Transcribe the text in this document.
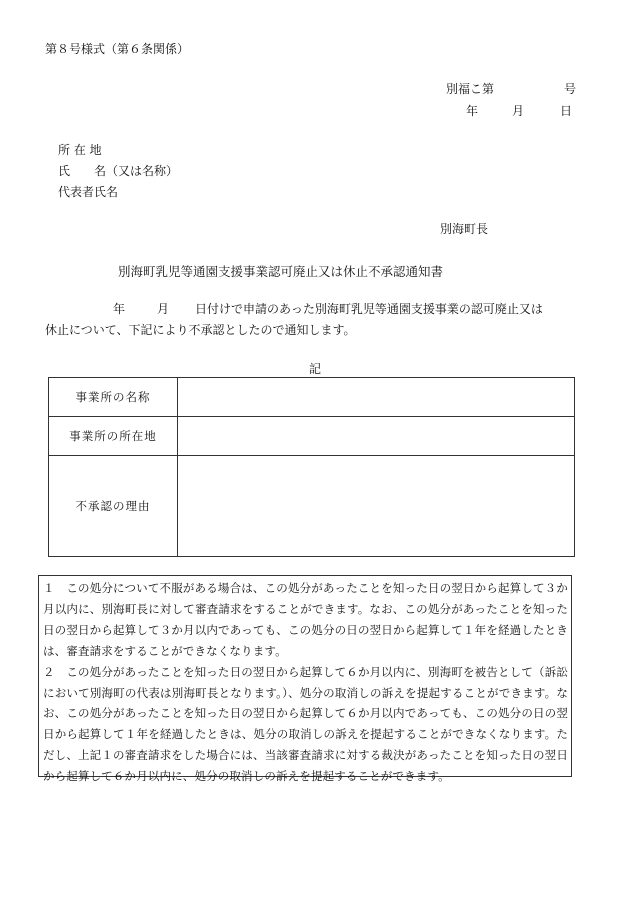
第８号様式（第６条関係）
別福こ第	号
年	月	日
所 在 地
氏 名（又は名称）
代表者氏名
別海町長
別海町乳児等通園支援事業認可廃止又は休止不承認通知書
年	月 日付けで申請のあった別海町乳児等通園支援事業の認可廃止又は
休止について、下記により不承認としたので通知します。
記
事業所の名称	
事業所の所在地	
不承認の理由	

１　この処分について不服がある場合は、この処分があったことを知った日の翌日から起算して３か月以内に、別海町長に対して審査請求をすることができます。なお、この処分があったことを知った日の翌日から起算して３か月以内であっても、この処分の日の翌日から起算して１年を経過したときは、審査請求をすることができなくなります。

２　この処分があったことを知った日の翌日から起算して６か月以内に、別海町を被告として（訴訟において別海町の代表は別海町長となります。）、処分の取消しの訴えを提起することができます。なお、この処分があったことを知った日の翌日から起算して６か月以内であっても、この処分の日の翌日から起算して１年を経過したときは、処分の取消しの訴えを提起することができなくなります。ただし、上記１の審査請求をした場合には、当該審査請求に対する裁決があったことを知った日の翌日から起算して６か月以内に、処分の取消しの訴えを提起することができます。
